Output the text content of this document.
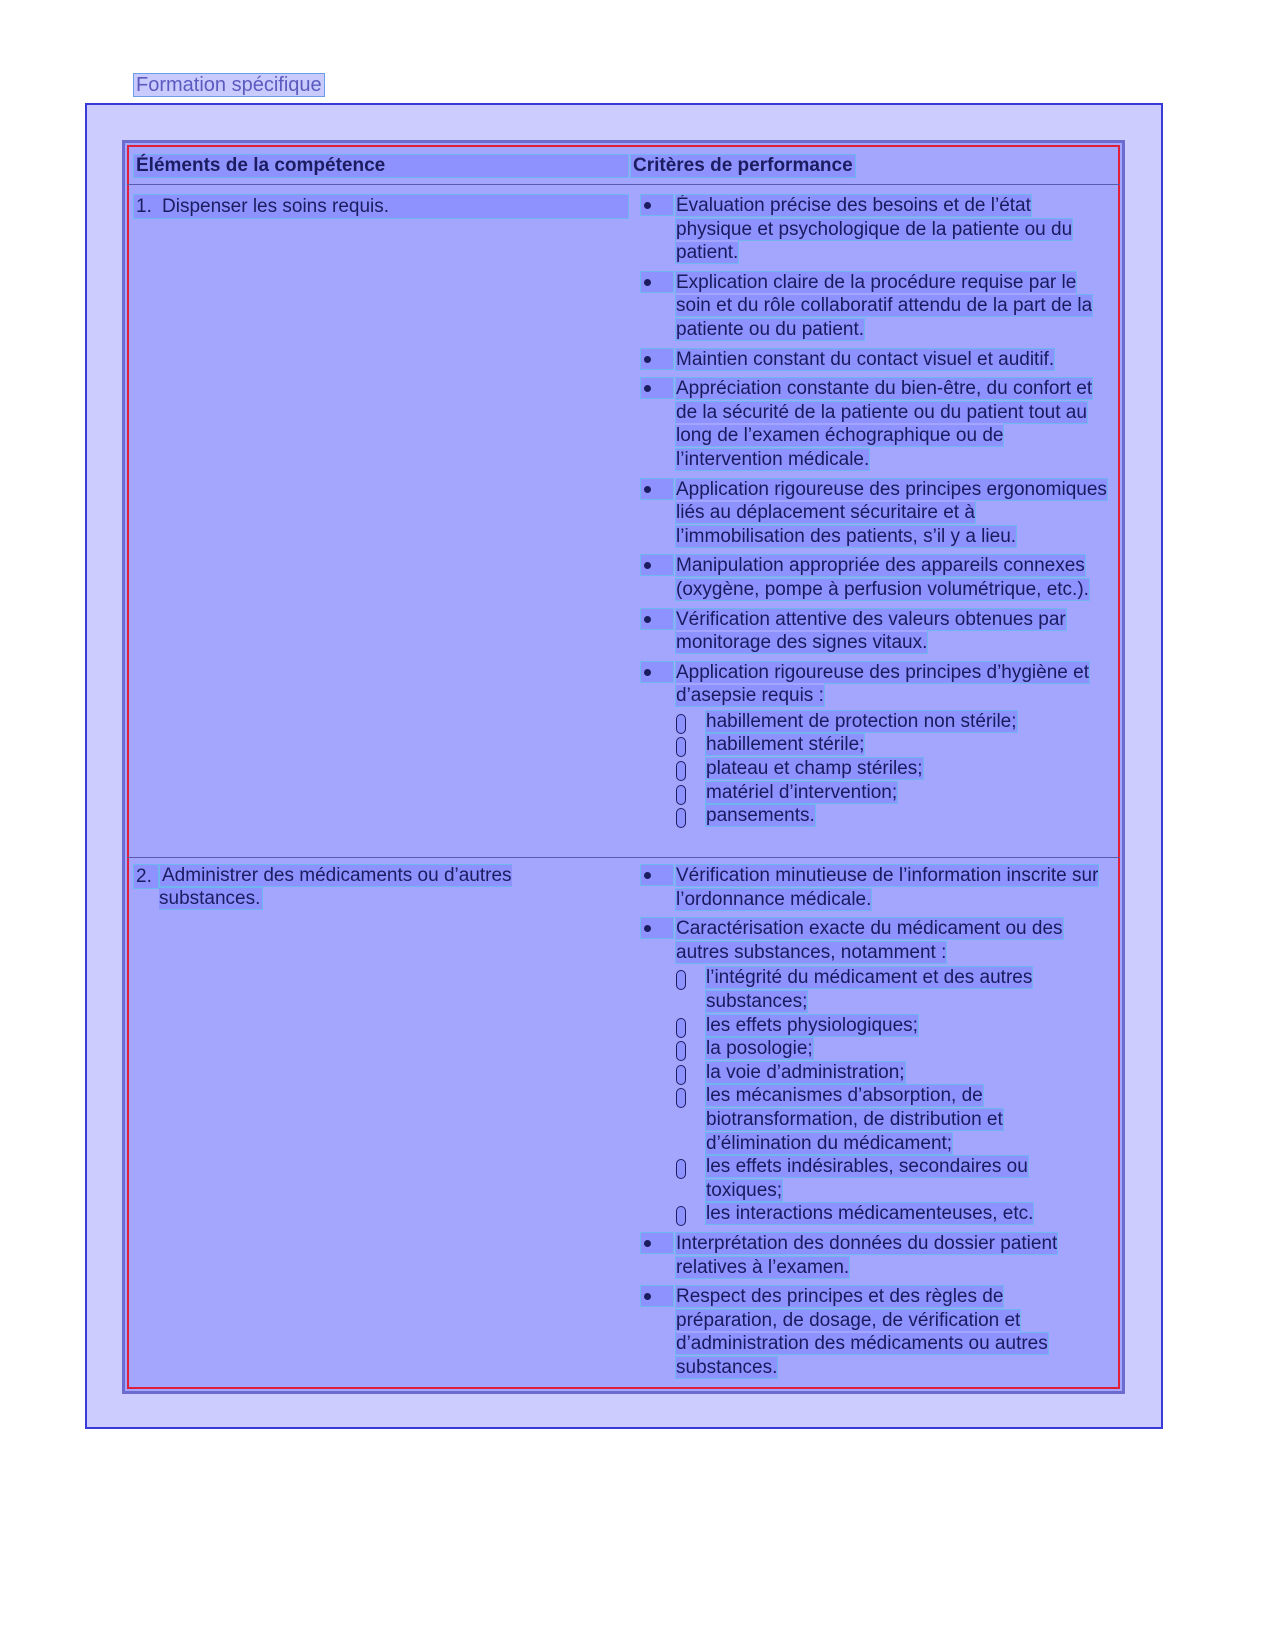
Formation spécifique
Éléments de la compétence	Critères de performance
1. Dispenser les soins requis.	Évaluation précise des besoins et de l’état physique et psychologique de la patiente ou du patient.
Explication claire de la procédure requise par le soin et du rôle collaboratif attendu de la part de la patiente ou du patient.
Maintien constant du contact visuel et auditif.
Appréciation constante du bien-être, du confort et de la sécurité de la patiente ou du patient tout au long de l’examen échographique ou de l’intervention médicale.
Application rigoureuse des principes ergonomiques liés au déplacement sécuritaire et à l’immobilisation des patients, s’il y a lieu.
Manipulation appropriée des appareils connexes (oxygène, pompe à perfusion volumétrique, etc.).
Vérification attentive des valeurs obtenues par monitorage des signes vitaux.
Application rigoureuse des principes d’hygiène et d’asepsie requis :
habillement de protection non stérile;
habillement stérile;
plateau et champ stériles;
matériel d’intervention;
pansements.
2. Administrer des médicaments ou d’autres substances.
Vérification minutieuse de l’information inscrite sur l’ordonnance médicale.
Caractérisation exacte du médicament ou des autres substances, notamment :
l’intégrité du médicament et des autres substances;
les effets physiologiques;
la posologie;
la voie d’administration;
les mécanismes d’absorption, de biotransformation, de distribution et d’élimination du médicament;
les effets indésirables, secondaires ou toxiques;
les interactions médicamenteuses, etc.
Interprétation des données du dossier patient relatives à l’examen.
Respect des principes et des règles de préparation, de dosage, de vérification et d’administration des médicaments ou autres substances.
